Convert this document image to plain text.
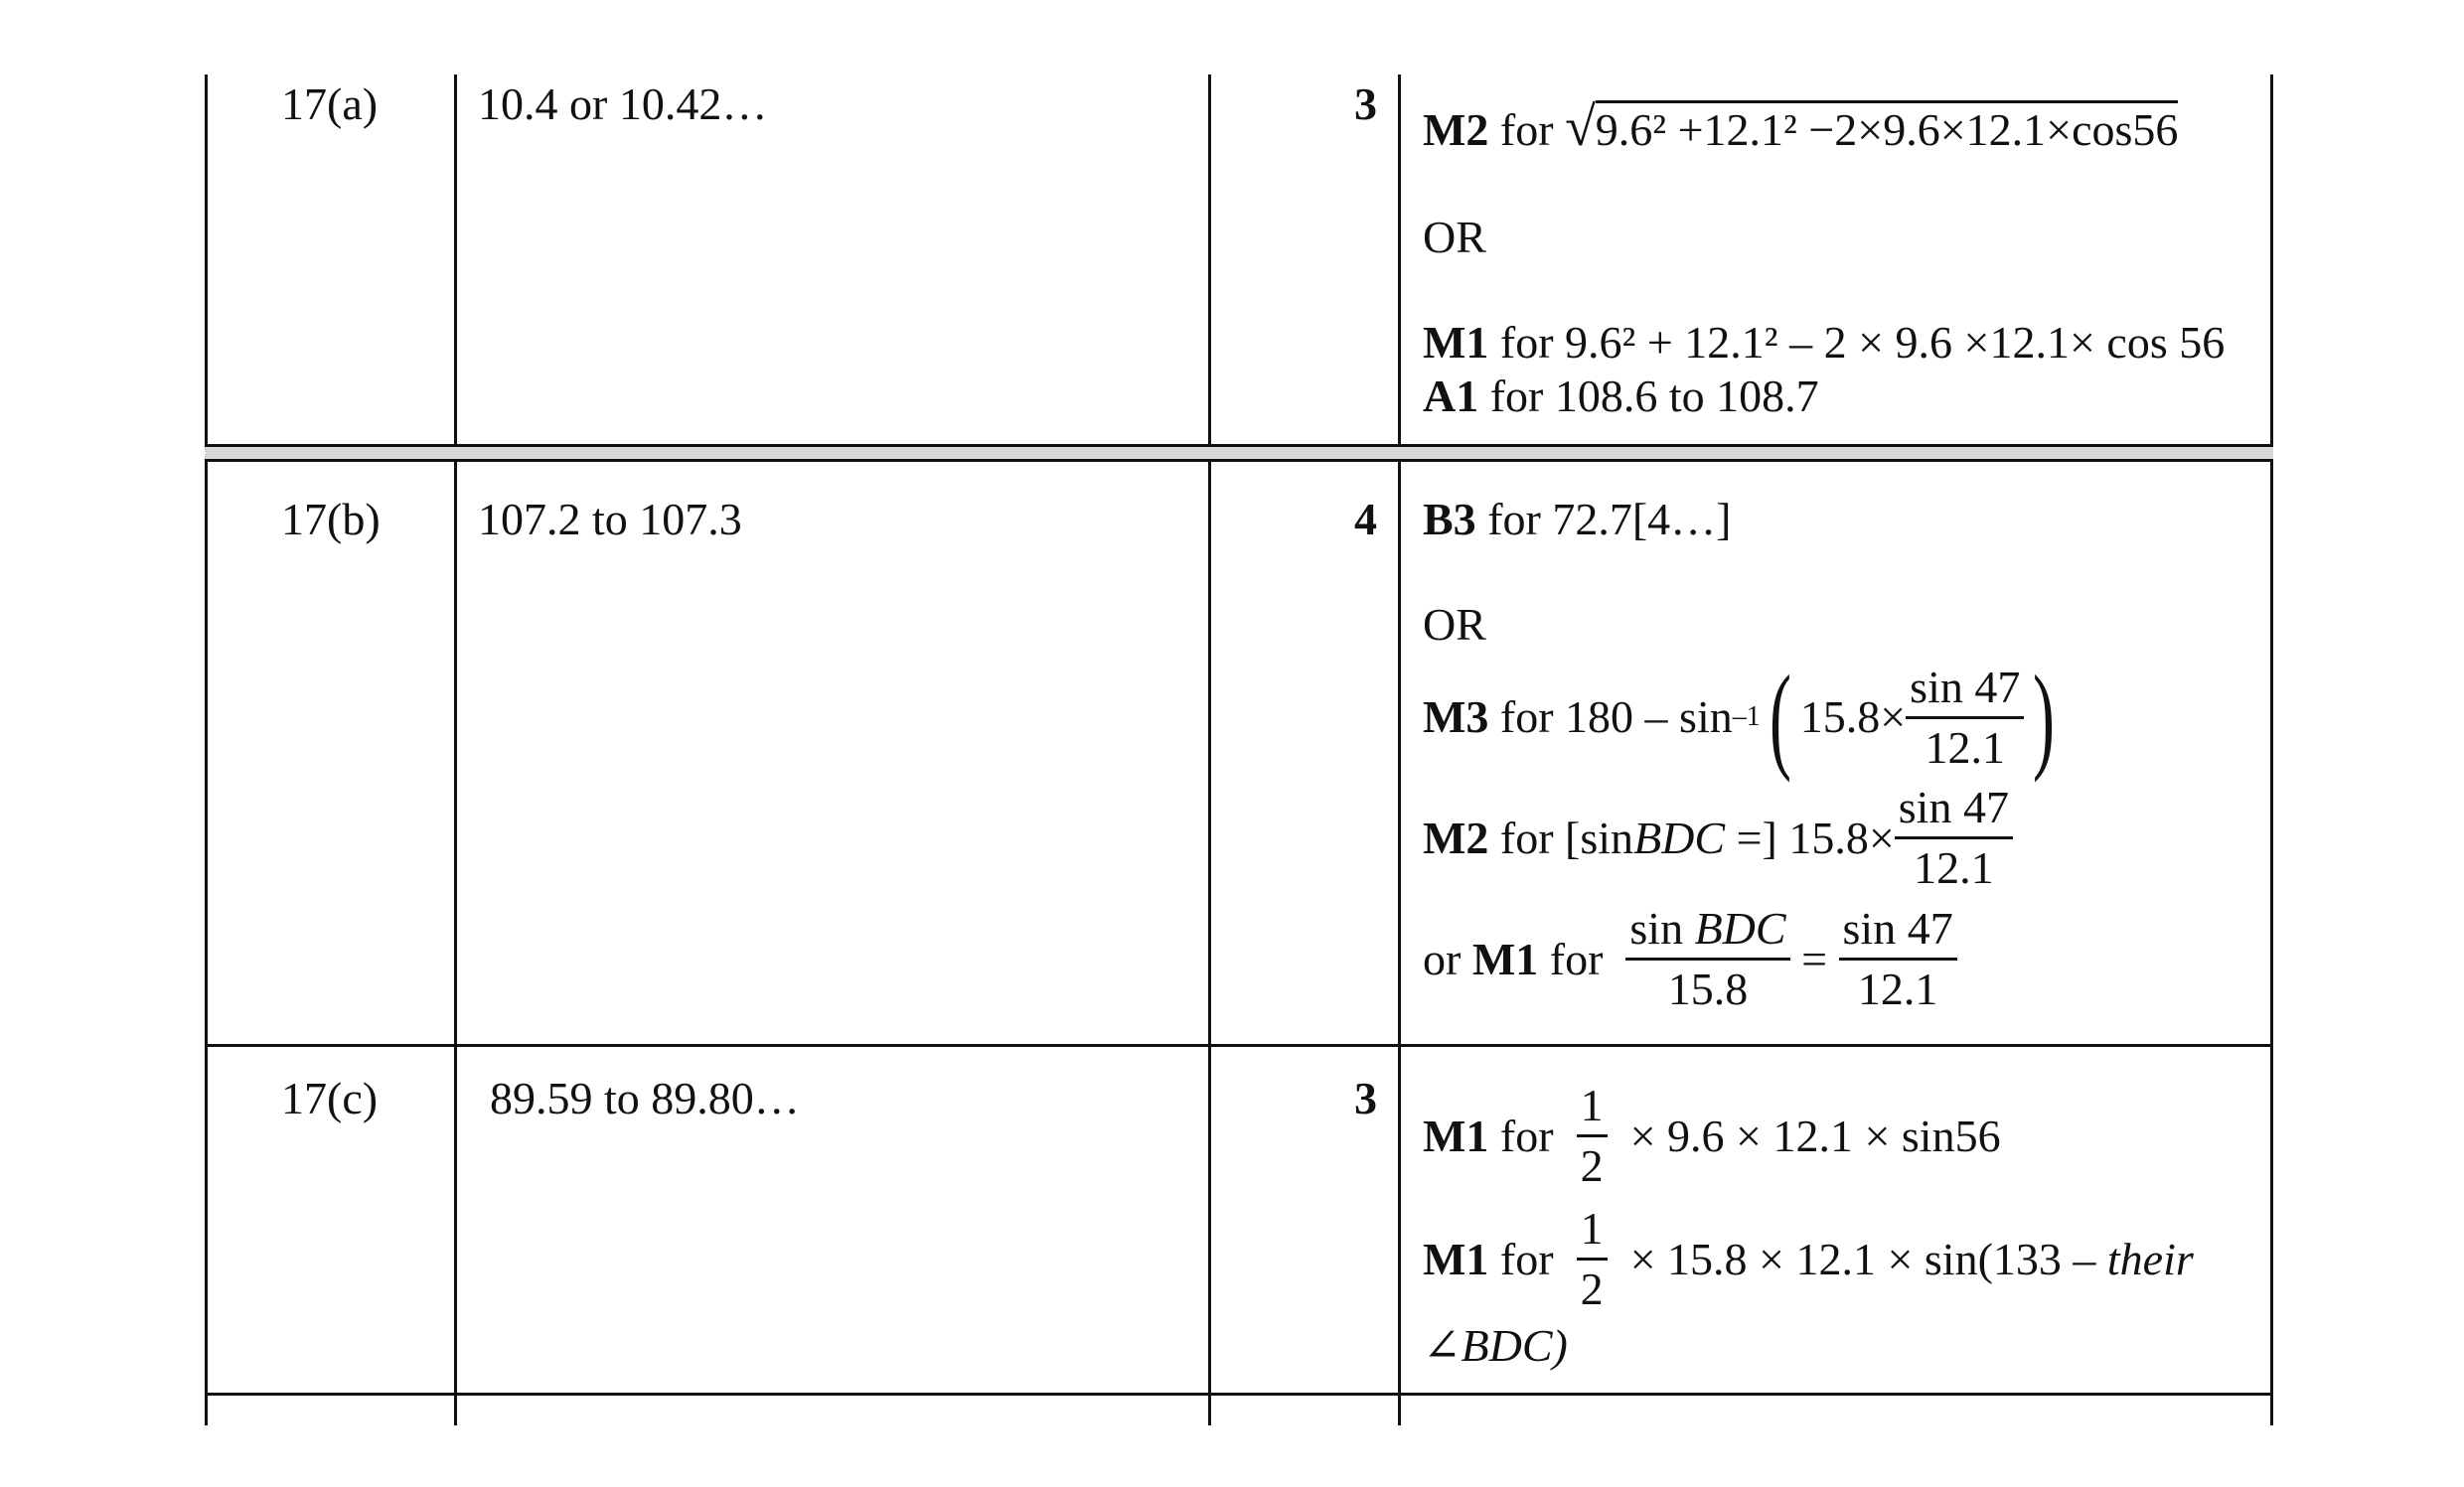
17(a) 10.4 or 10.42…	3
M2 for √9.6² +12.1² −2×9.6×12.1×cos56
OR
M1 for 9.6² + 12.1² – 2 × 9.6 ×12.1× cos 56
A1 for 108.6 to 108.7
17(b) 107.2 to 107.3	4 B3 for 72.7[4…]
OR
M3
for 180 – sin –1 ( $15.8\times \frac{\sin 47}{12.1}$ )
M2
for [sin BDC
=] $15.8\times \frac{\sin 47}{12.1}$
or
M1
for
$\frac{\text{sin BDC}}{15.8}$
=
$\frac{\sin 47}{12.1}$
17(c) 89.59 to 89.80…	3
M1
for
$\frac{1}{2}$
× 9.6 × 12.1 × sin56
M1
for
$\frac{1}{2}$
× 15.8 × 12.1 × sin(133 –
their
∠BDC)
